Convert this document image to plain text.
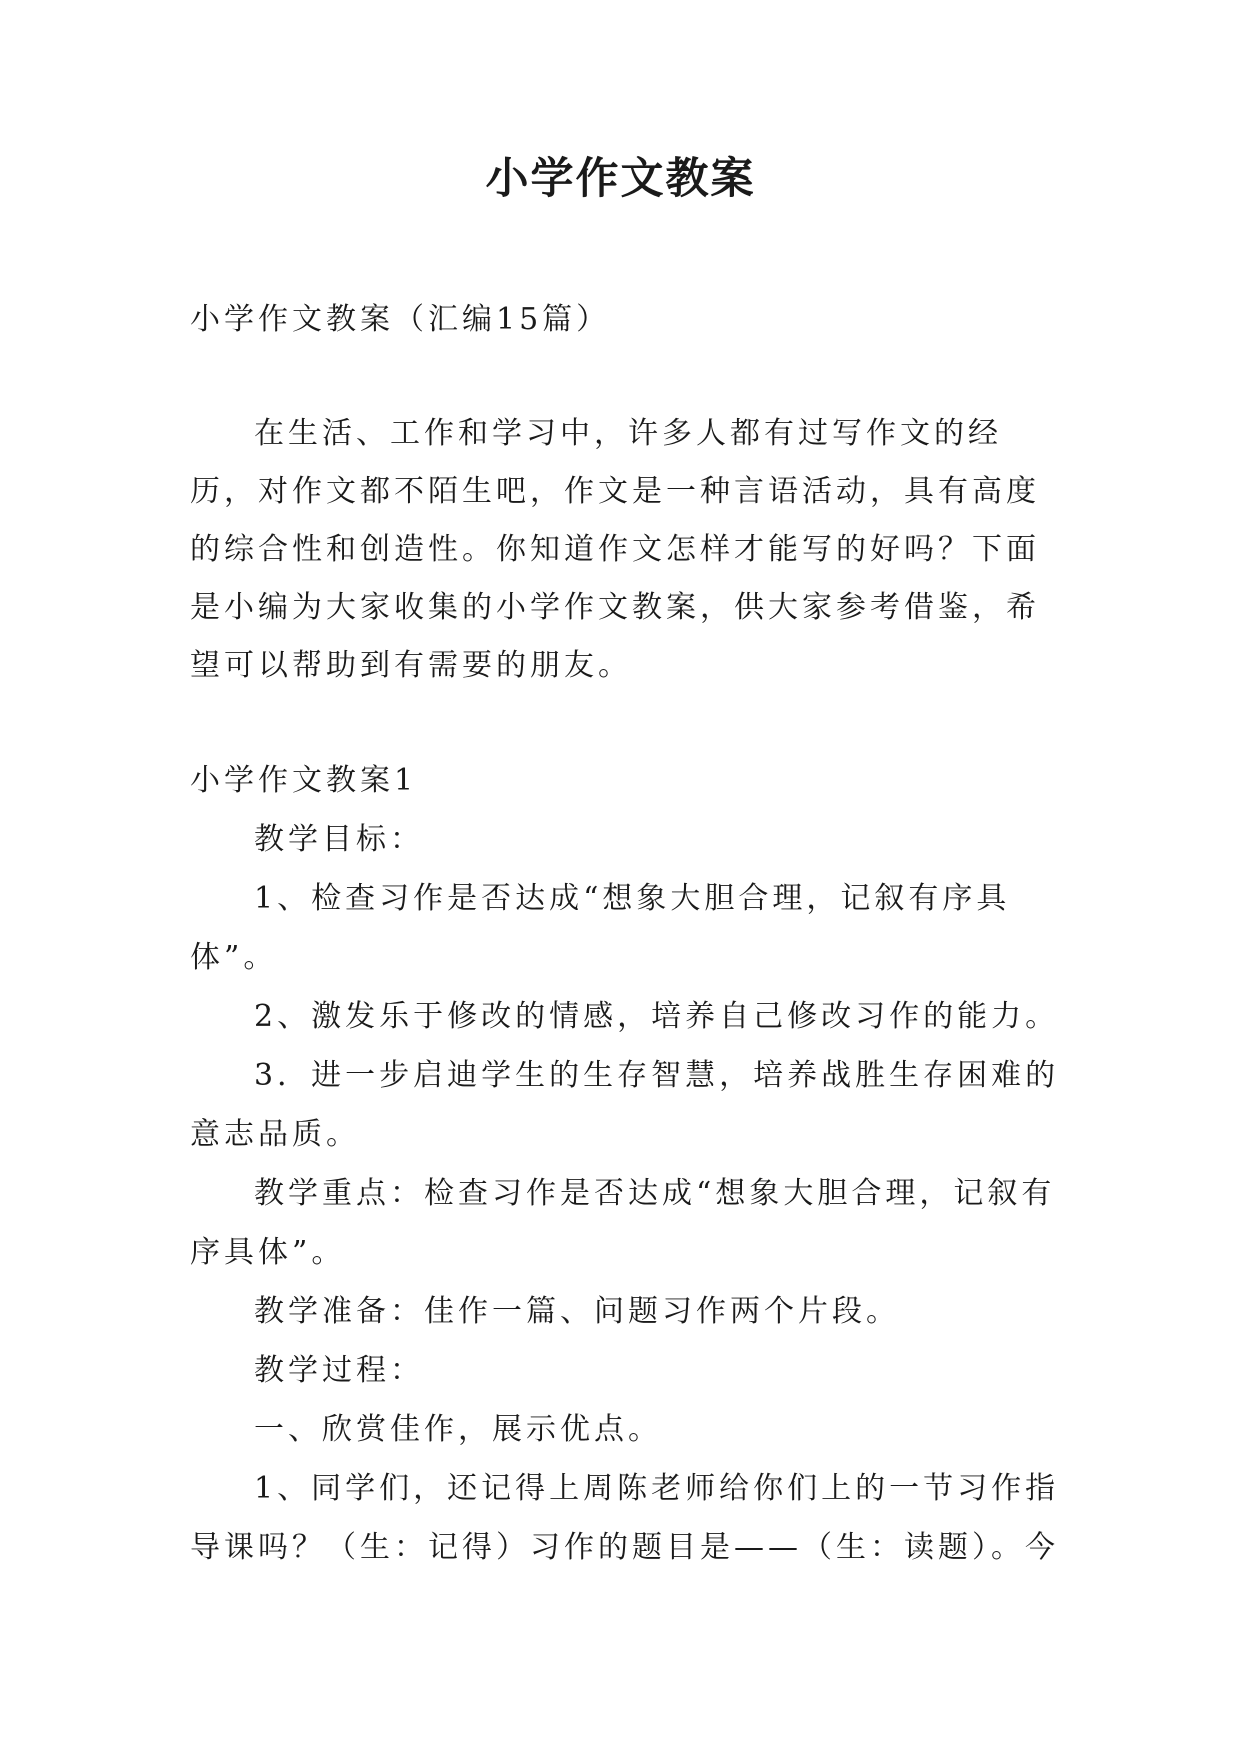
小学作文教案

小学作文教案（汇编15篇）

在生活、工作和学习中，许多人都有过写作文的经历，对作文都不陌生吧，作文是一种言语活动，具有高度的综合性和创造性。你知道作文怎样才能写的好吗？下面是小编为大家收集的小学作文教案，供大家参考借鉴，希望可以帮助到有需要的朋友。

小学作文教案1

教学目标：

1、检查习作是否达成“想象大胆合理，记叙有序具体”。

2、激发乐于修改的情感，培养自己修改习作的能力。

3．进一步启迪学生的生存智慧，培养战胜生存困难的意志品质。

教学重点：检查习作是否达成“想象大胆合理，记叙有序具体”。

教学准备：佳作一篇、问题习作两个片段。

教学过程：

一、欣赏佳作，展示优点。

1、同学们，还记得上周陈老师给你们上的一节习作指导课吗？（生：记得）习作的题目是——（生：读题）。今
